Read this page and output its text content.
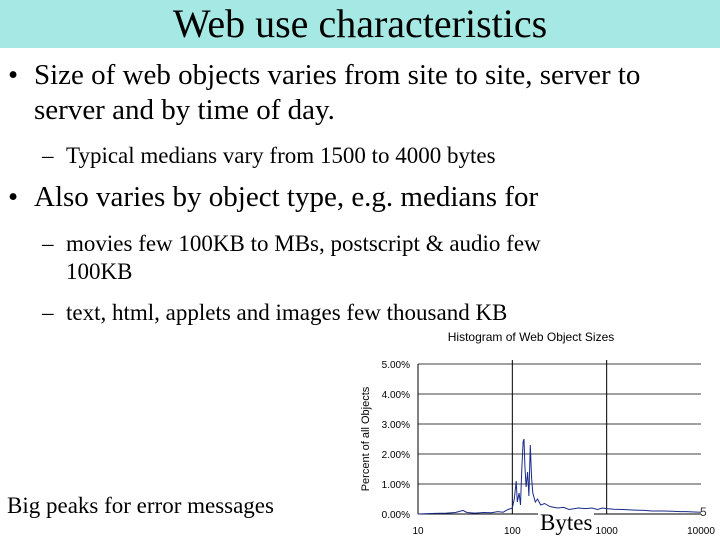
Web use characteristics
• Size of web objects varies from site to site, server to
server and by time of day.
– Typical medians vary from 1500 to 4000 bytes
• Also varies by object type, e.g. medians for
– movies few 100KB to MBs, postscript & audio few
100KB
– text, html, applets and images few thousand KB
Histogram of Web Object Sizes
0.00%
1.00%
2.00%
3.00%
4.00%
5.00%
10	100	1000	10000
Percent of all Objects
Bytes
Big peaks for error messages	5
